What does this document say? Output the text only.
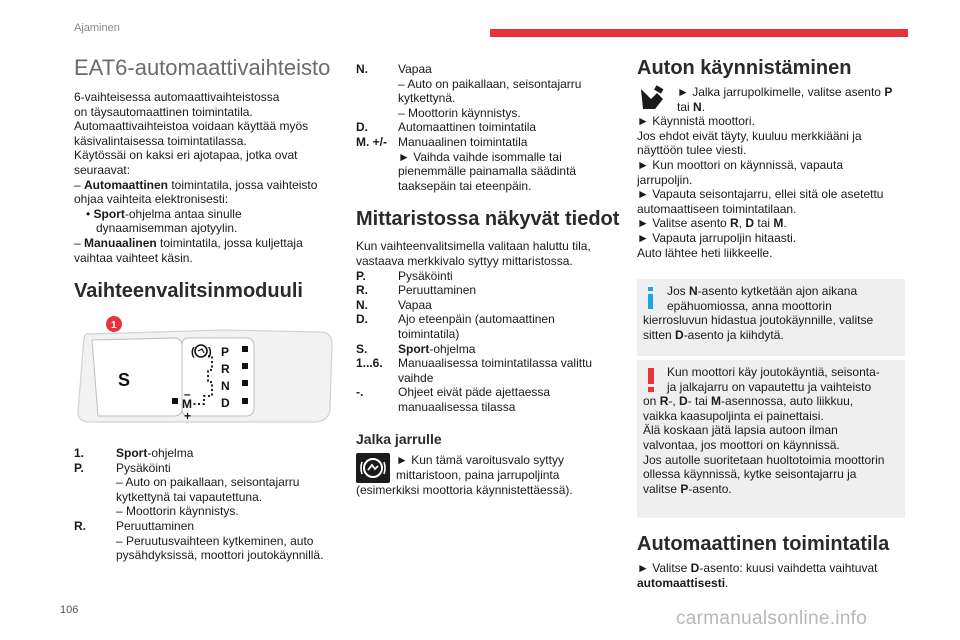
Ajaminen
EAT6-automaattivaihteisto

6-vaihteisessa automaattivaihteistossa

on täysautomaattinen toimintatila.

Automaattivaihteistoa voidaan käyttää myös

käsivalintaisessa toimintatilassa.

Käytössäi on kaksi eri ajotapaa, jotka ovat

seuraavat:

– Automaattinen toimintatila, jossa vaihteisto

ohjaa vaihteita elektronisesti:

• Sport-ohjelma antaa sinulle

dynaamisemman ajotyylin.

– Manuaalinen toimintatila, jossa kuljettaja

vaihtaa vaihteet käsin.

Vaihteenvalitsinmoduuli
( )
S
P
R
N
D
–
M
+
1
1.	Sport-ohjelma
P.	Pysäköinti
– Auto on paikallaan, seisontajarru
kytkettynä tai vapautettuna.
– Moottorin käynnistys.
R.	Peruuttaminen
– Peruutusvaihteen kytkeminen, auto
pysähdyksissä, moottori joutokäynnillä.
N.	Vapaa
– Auto on paikallaan, seisontajarru
kytkettynä.
– Moottorin käynnistys.
D.	Automaattinen toimintatila
M. +/- Manuaalinen toimintatila
► Vaihda vaihde isommalle tai
pienemmälle painamalla säädintä
taaksepäin tai eteenpäin.
Mittaristossa näkyvät tiedot

Kun vaihteenvalitsimella valitaan haluttu tila,

vastaava merkkivalo syttyy mittaristossa.

P.	Pysäköinti
R.	Peruuttaminen
N.	Vapaa
D.	Ajo eteenpäin (automaattinen
toimintatila)
S.	Sport-ohjelma
1...6.	Manuaalisessa toimintatilassa valittu
vaihde
-.	Ohjeet eivät päde ajettaessa
manuaalisessa tilassa
Jalka jarrulle
► Kun tämä varoitusvalo syttyy
mittaristoon, paina jarrupoljinta

(esimerkiksi moottoria käynnistettäessä).

Auton käynnistäminen
► Jalka jarrupolkimelle, valitse asento P
tai N.

► Käynnistä moottori.

Jos ehdot eivät täyty, kuuluu merkkiääni ja

näyttöön tulee viesti.

► Kun moottori on käynnissä, vapauta

jarrupoljin.

► Vapauta seisontajarru, ellei sitä ole asetettu

automaattiseen toimintatilaan.

► Valitse asento R, D tai M.

► Vapauta jarrupoljin hitaasti.

Auto lähtee heti liikkeelle.

Jos N-asento kytketään ajon aikana
epähuomiossa, anna moottorin
kierrosluvun hidastua joutokäynnille, valitse
sitten D-asento ja kiihdytä.
Kun moottori käy joutokäyntiä, seisonta-
ja jalkajarru on vapautettu ja vaihteisto
on R-, D- tai M-asennossa, auto liikkuu,
vaikka kaasupoljinta ei painettaisi.
Älä koskaan jätä lapsia autoon ilman
valvontaa, jos moottori on käynnissä.
Jos autolle suoritetaan huoltotoimia moottorin
ollessa käynnissä, kytke seisontajarru ja
valitse P-asento.
Automaattinen toimintatila

► Valitse D-asento: kuusi vaihdetta vaihtuvat

automaattisesti.

106	carmanualsonline.info
